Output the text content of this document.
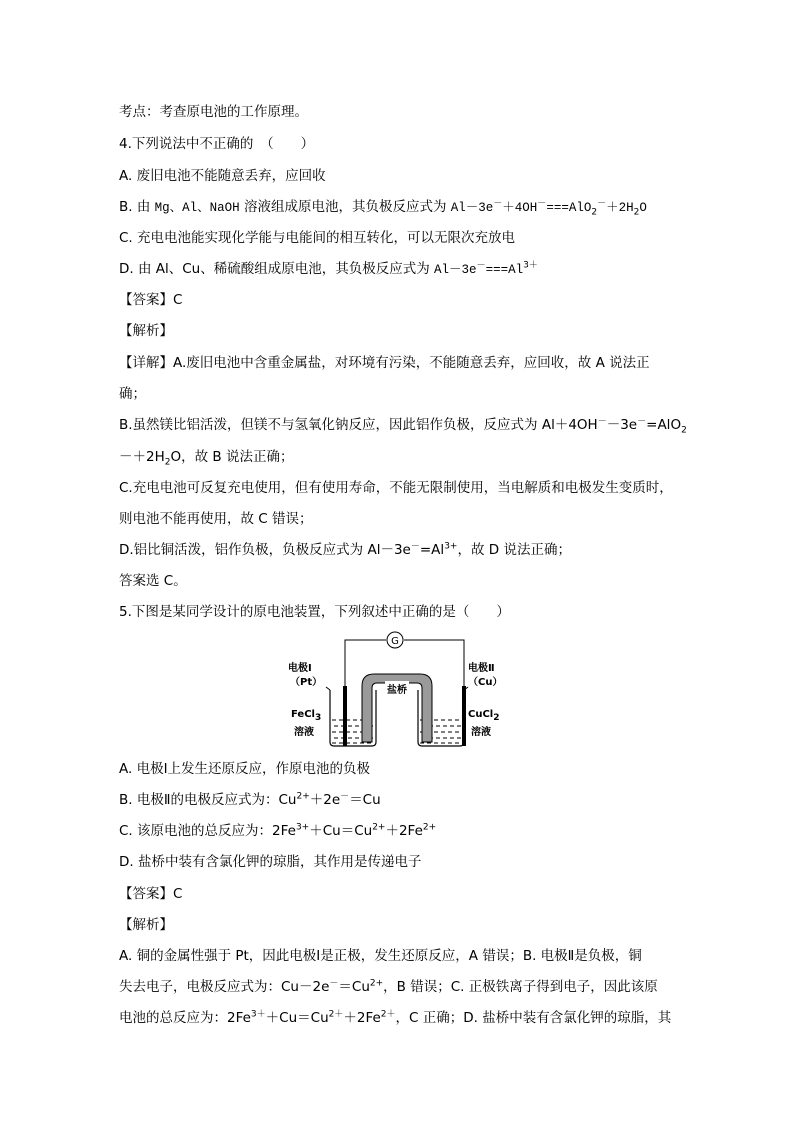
考点：考查原电池的工作原理。
4.下列说法中不正确的　（　　）
A. 废旧电池不能随意丢弃，应回收
B. 由 Mg、Al、NaOH 溶液组成原电池，其负极反应式为 $Al-3e^-+4OH^-===AlO_2^-+2H_2O$
C. 充电电池能实现化学能与电能间的相互转化，可以无限次充放电
D. 由 Al、Cu、稀硫酸组成原电池，其负极反应式为 $Al-3e^-===Al^{3+}$
【答案】C
【解析】
【详解】A.废旧电池中含重金属盐，对环境有污染，不能随意丢弃，应回收，故 A 说法正
确；
B.虽然镁比铝活泼，但镁不与氢氧化钠反应，因此铝作负极，反应式为 Al＋4OH－－3e－=AlO$_2$
$-+2H_2O$，故 B 说法正确；
C.充电电池可反复充电使用，但有使用寿命，不能无限制使用，当电解质和电极发生变质时，
则电池不能再使用，故 C 错误；
D.铝比铜活泼，铝作负极，负极反应式为 $Al-3e^-=Al^{3+}$，故 D 说法正确；
答案选 C。
5.下图是某同学设计的原电池装置，下列叙述中正确的是（　　）
G
电极Ⅰ
（Pt）
电极Ⅱ
（Cu）
盐桥
FeCl$_3$
溶液
CuCl$_2$
溶液
A. 电极Ⅰ上发生还原反应，作原电池的负极
B. 电极Ⅱ的电极反应式为：$Cu^{2+}+2e^-=Cu$
C. 该原电池的总反应为：$2Fe^{3+}+Cu=Cu^{2+}+2Fe^{2+}$
D. 盐桥中装有含氯化钾的琼脂，其作用是传递电子
【答案】C
【解析】
A. 铜的金属性强于 Pt，因此电极Ⅰ是正极，发生还原反应，A 错误；B. 电极Ⅱ是负极，铜
失去电子，电极反应式为：$Cu-2e^-=Cu^{2+}$，B 错误；C. 正极铁离子得到电子，因此该原
电池的总反应为：$2Fe^{3+}+Cu=Cu^{2+}+2Fe^{2+}$，C 正确；D. 盐桥中装有含氯化钾的琼脂，其
